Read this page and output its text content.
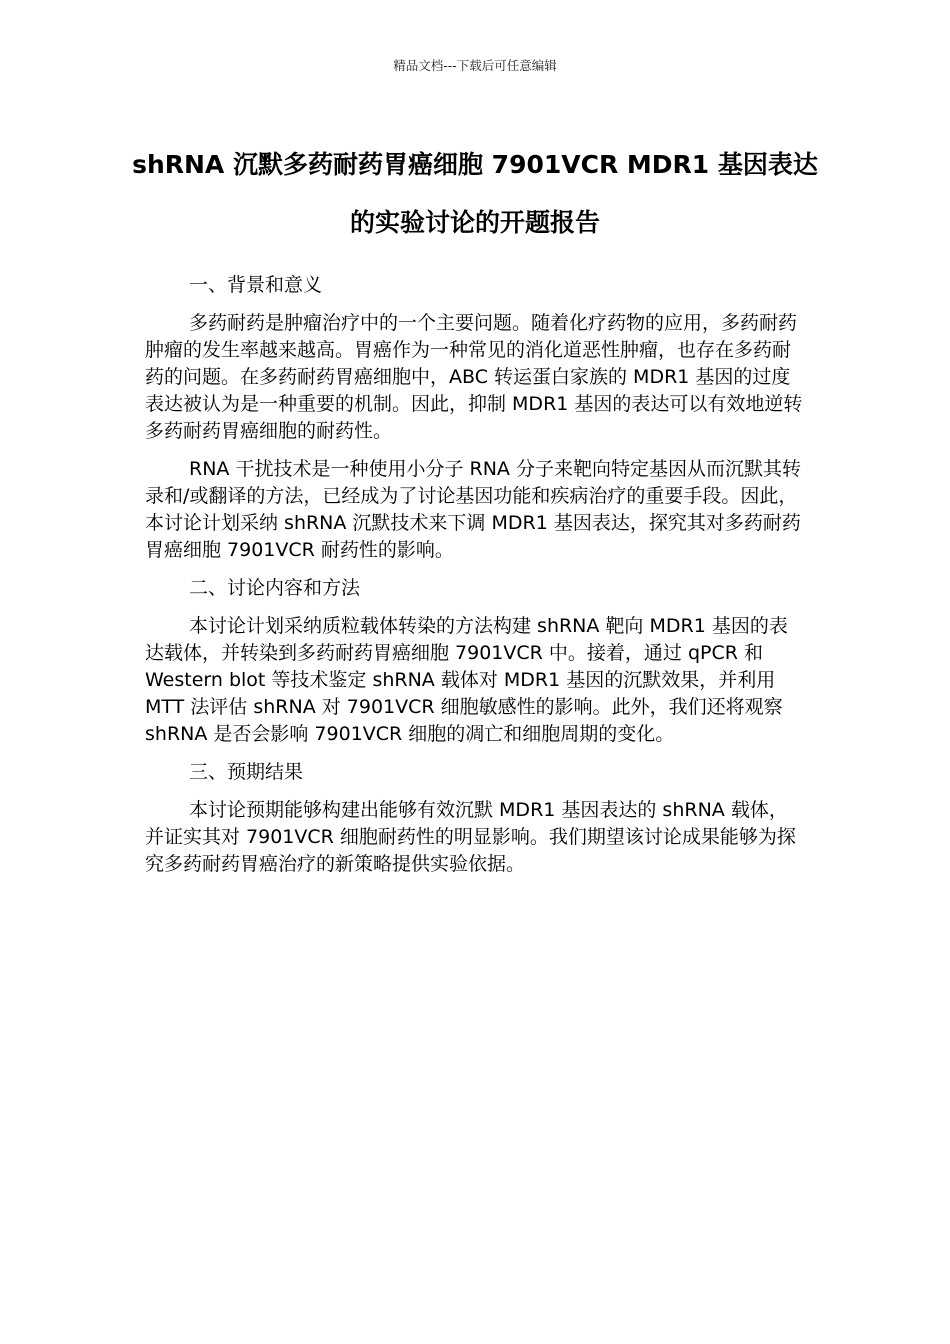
精品文档---下载后可任意编辑
shRNA 沉默多药耐药胃癌细胞 7901VCR MDR1 基因表达的实验讨论的开题报告

一、背景和意义

多药耐药是肿瘤治疗中的一个主要问题。随着化疗药物的应用，多药耐药肿瘤的发生率越来越高。胃癌作为一种常见的消化道恶性肿瘤，也存在多药耐药的问题。在多药耐药胃癌细胞中，ABC 转运蛋白家族的 MDR1 基因的过度表达被认为是一种重要的机制。因此，抑制 MDR1 基因的表达可以有效地逆转多药耐药胃癌细胞的耐药性。

RNA 干扰技术是一种使用小分子 RNA 分子来靶向特定基因从而沉默其转录和/或翻译的方法，已经成为了讨论基因功能和疾病治疗的重要手段。因此，本讨论计划采纳 shRNA 沉默技术来下调 MDR1 基因表达，探究其对多药耐药胃癌细胞 7901VCR 耐药性的影响。

二、讨论内容和方法

本讨论计划采纳质粒载体转染的方法构建 shRNA 靶向 MDR1 基因的表达载体，并转染到多药耐药胃癌细胞 7901VCR 中。接着，通过 qPCR 和 Western blot 等技术鉴定 shRNA 载体对 MDR1 基因的沉默效果，并利用 MTT 法评估 shRNA 对 7901VCR 细胞敏感性的影响。此外，我们还将观察 shRNA 是否会影响 7901VCR 细胞的凋亡和细胞周期的变化。

三、预期结果

本讨论预期能够构建出能够有效沉默 MDR1 基因表达的 shRNA 载体，并证实其对 7901VCR 细胞耐药性的明显影响。我们期望该讨论成果能够为探究多药耐药胃癌治疗的新策略提供实验依据。
